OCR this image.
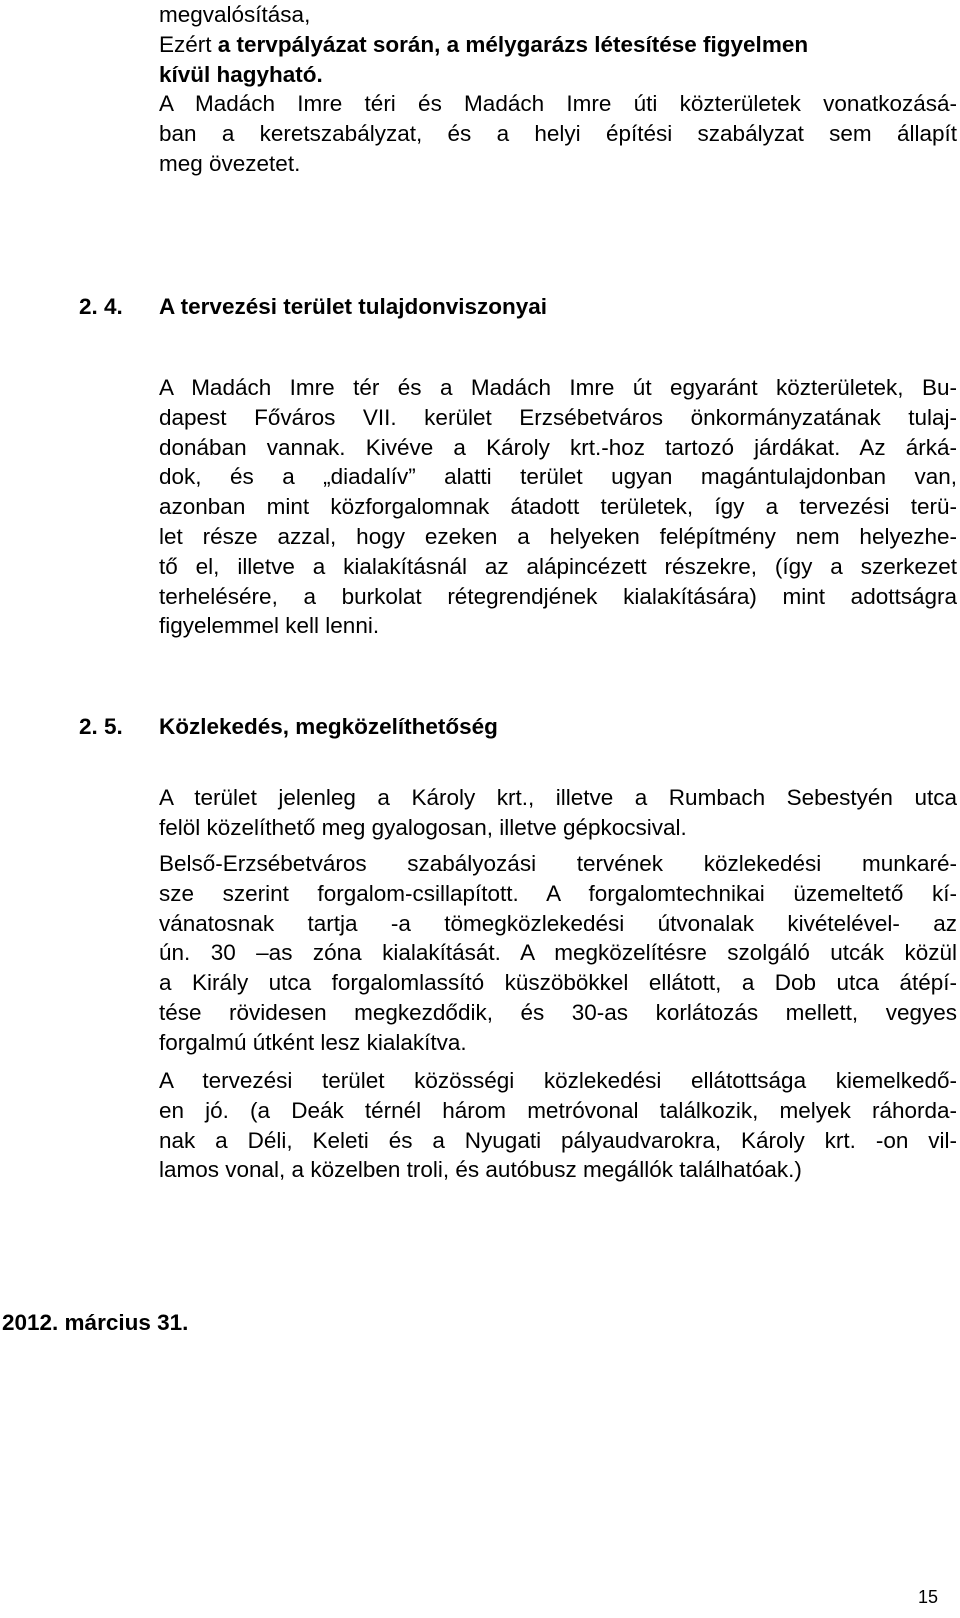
megvalósítása,
Ezért a tervpályázat során, a mélygarázs létesítése figyelmen
kívül hagyható.
A Madách Imre téri és Madách Imre úti közterületek vonatkozásá-
ban a keretszabályzat, és a helyi építési szabályzat sem állapít
meg övezetet.
2. 4. A tervezési terület tulajdonviszonyai
A Madách Imre tér és a Madách Imre út egyaránt közterületek, Bu-
dapest Főváros VII. kerület Erzsébetváros önkormányzatának tulaj-
donában vannak. Kivéve a Károly krt.-hoz tartozó járdákat. Az árká-
dok, és a „diadalív” alatti terület ugyan magántulajdonban van,
azonban mint közforgalomnak átadott területek, így a tervezési terü-
let része azzal, hogy ezeken a helyeken felépítmény nem helyezhe-
tő el, illetve a kialakításnál az alápincézett részekre, (így a szerkezet
terhelésére, a burkolat rétegrendjének kialakítására) mint adottságra
figyelemmel kell lenni.
2. 5. Közlekedés, megközelíthetőség
A terület jelenleg a Károly krt., illetve a Rumbach Sebestyén utca
felöl közelíthető meg gyalogosan, illetve gépkocsival.
Belső-Erzsébetváros szabályozási tervének közlekedési munkaré-
sze szerint forgalom-csillapított. A forgalomtechnikai üzemeltető kí-
vánatosnak tartja -a tömegközlekedési útvonalak kivételével- az
ún. 30 –as zóna kialakítását. A megközelítésre szolgáló utcák közül
a Király utca forgalomlassító küszöbökkel ellátott, a Dob utca átépí-
tése rövidesen megkezdődik, és 30-as korlátozás mellett, vegyes
forgalmú útként lesz kialakítva.
A tervezési terület közösségi közlekedési ellátottsága kiemelkedő-
en jó. (a Deák térnél három metróvonal találkozik, melyek ráhorda-
nak a Déli, Keleti és a Nyugati pályaudvarokra, Károly krt. -on vil-
lamos vonal, a közelben troli, és autóbusz megállók találhatóak.)
2012. március 31.
15
